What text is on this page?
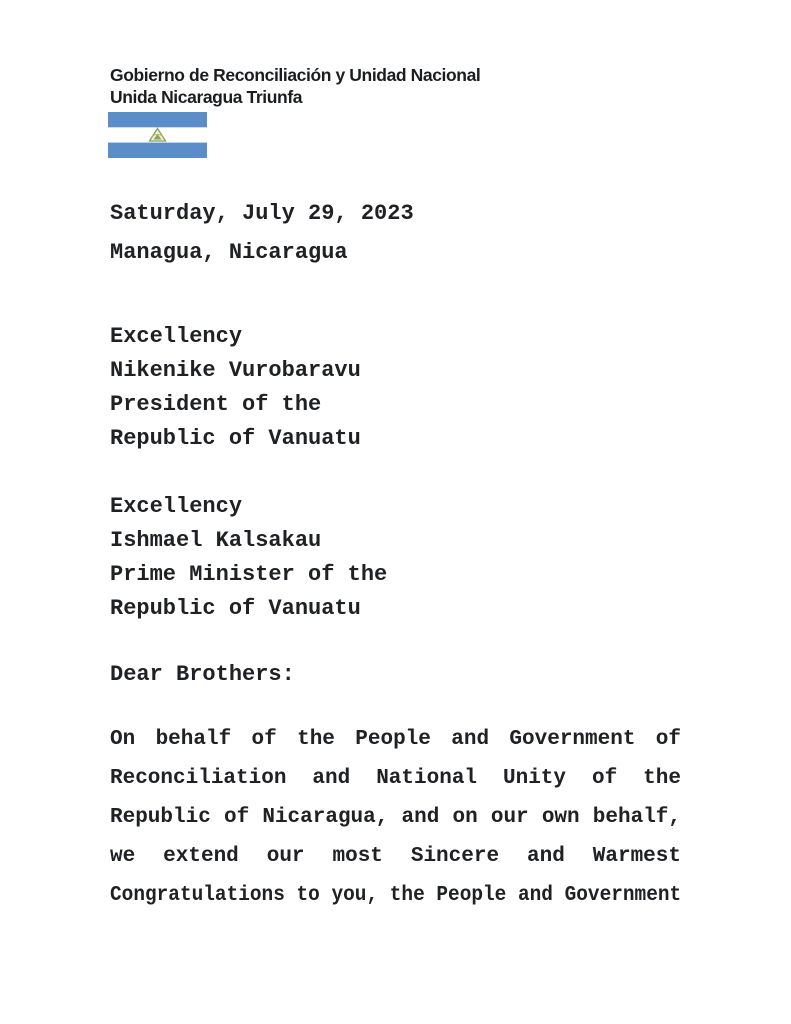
Gobierno de Reconciliación y Unidad Nacional
Unida Nicaragua Triunfa
Saturday, July 29, 2023
Managua, Nicaragua
Excellency
Nikenike Vurobaravu
President of the
Republic of Vanuatu
Excellency
Ishmael Kalsakau
Prime Minister of the
Republic of Vanuatu
Dear Brothers:
On behalf of the People and Government of
Reconciliation and National Unity of the
Republic of Nicaragua, and on our own behalf,
we extend our most Sincere and Warmest
Congratulations to you, the People and Government
